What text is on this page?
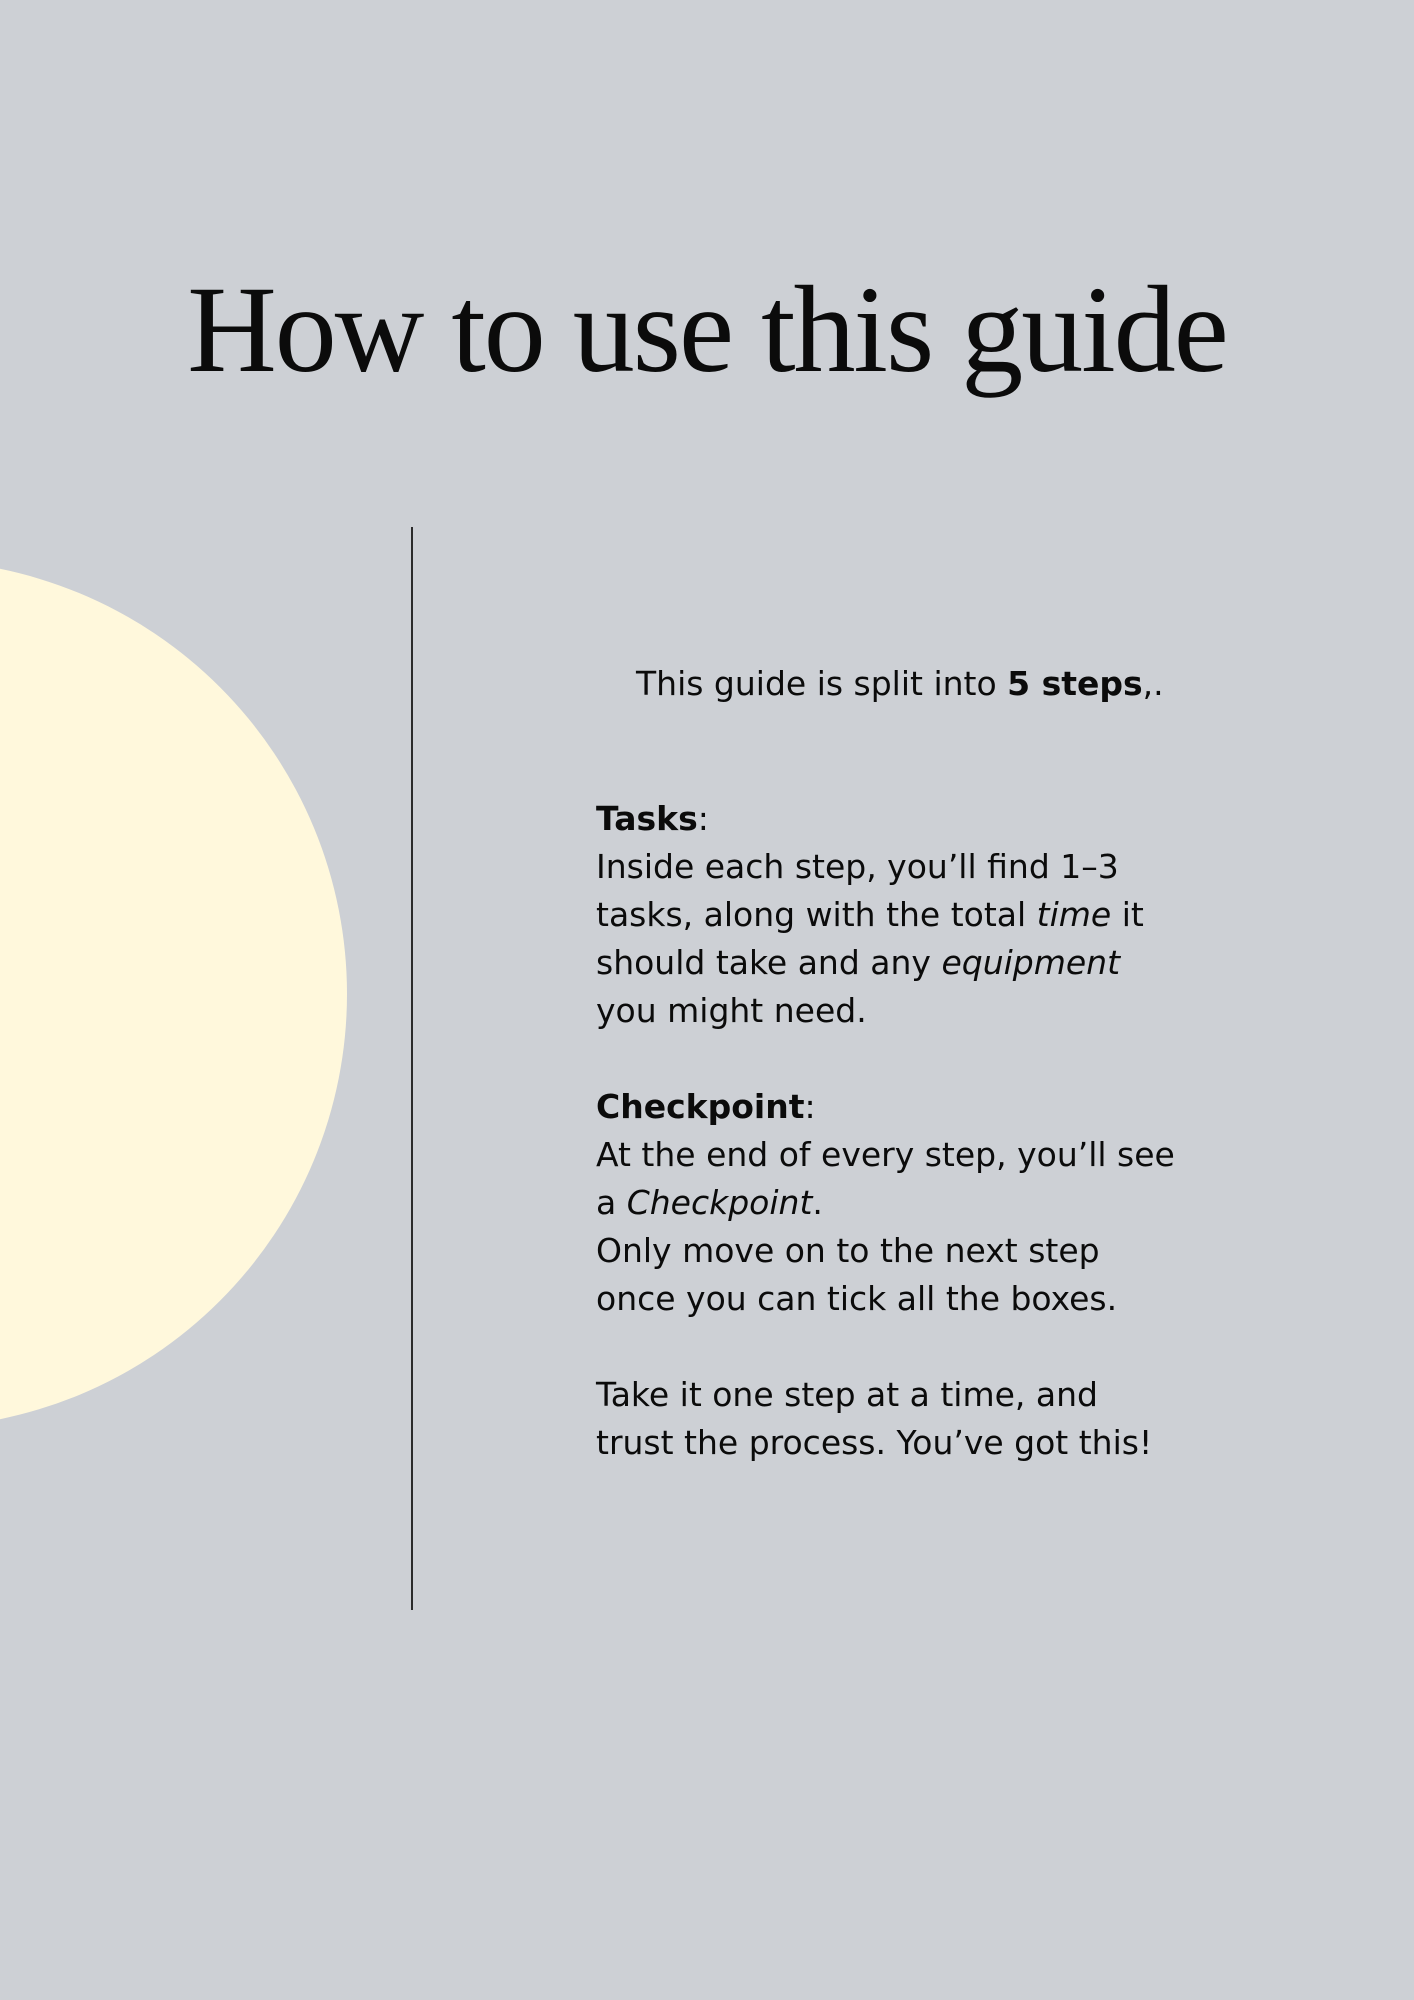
How to use this guide

This guide is split into 5 steps,.

Tasks:

Inside each step, you’ll find 1–3

tasks, along with the total time it

should take and any equipment

you might need.

Checkpoint:

At the end of every step, you’ll see

a Checkpoint.

Only move on to the next step

once you can tick all the boxes.

Take it one step at a time, and

trust the process. You’ve got this!
